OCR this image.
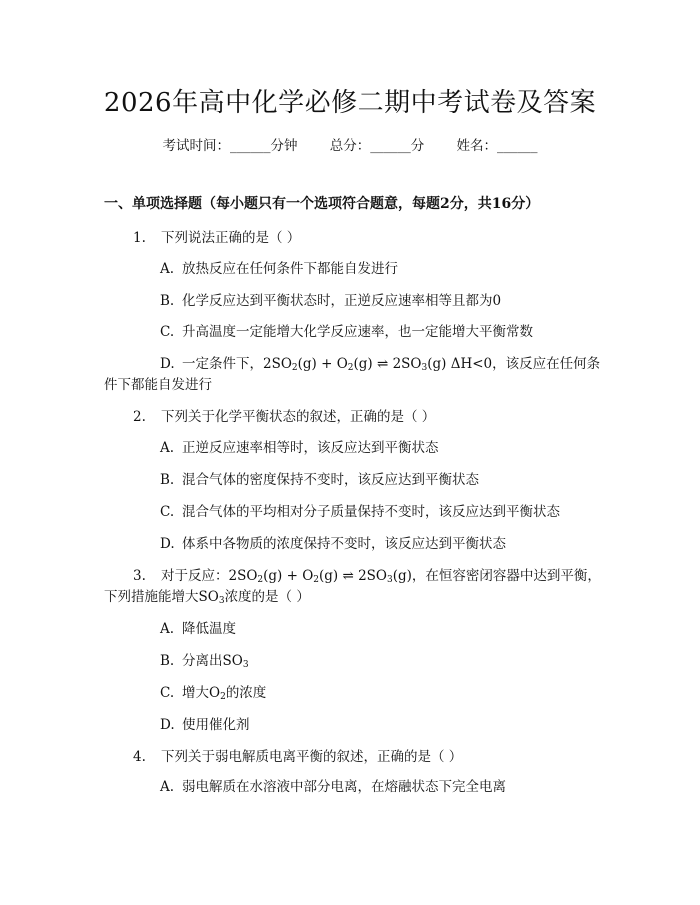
2026年高中化学必修二期中考试卷及答案
考试时间：______分钟 总分：______分 姓名：______
一、单项选择题（每小题只有一个选项符合题意，每题2分，共16分）
1. 下列说法正确的是（ ）
A. 放热反应在任何条件下都能自发进行
B. 化学反应达到平衡状态时，正逆反应速率相等且都为0
C. 升高温度一定能增大化学反应速率，也一定能增大平衡常数
D. 一定条件下，$2SO_2(g) + O_2(g)$ ⇌ $2SO_3(g)$ ΔH<0，该反应在任何条
件下都能自发进行
2. 下列关于化学平衡状态的叙述，正确的是（ ）
A. 正逆反应速率相等时，该反应达到平衡状态
B. 混合气体的密度保持不变时，该反应达到平衡状态
C. 混合气体的平均相对分子质量保持不变时，该反应达到平衡状态
D. 体系中各物质的浓度保持不变时，该反应达到平衡状态
3. 对于反应：$2SO_2(g) + O_2(g)$ ⇌ $2SO_3(g)$，在恒容密闭容器中达到平衡，
下列措施能增大$SO_3$浓度的是（ ）
A. 降低温度
B. 分离出$SO_3$
C. 增大$O_2$的浓度
D. 使用催化剂
4. 下列关于弱电解质电离平衡的叙述，正确的是（ ）
A. 弱电解质在水溶液中部分电离，在熔融状态下完全电离
